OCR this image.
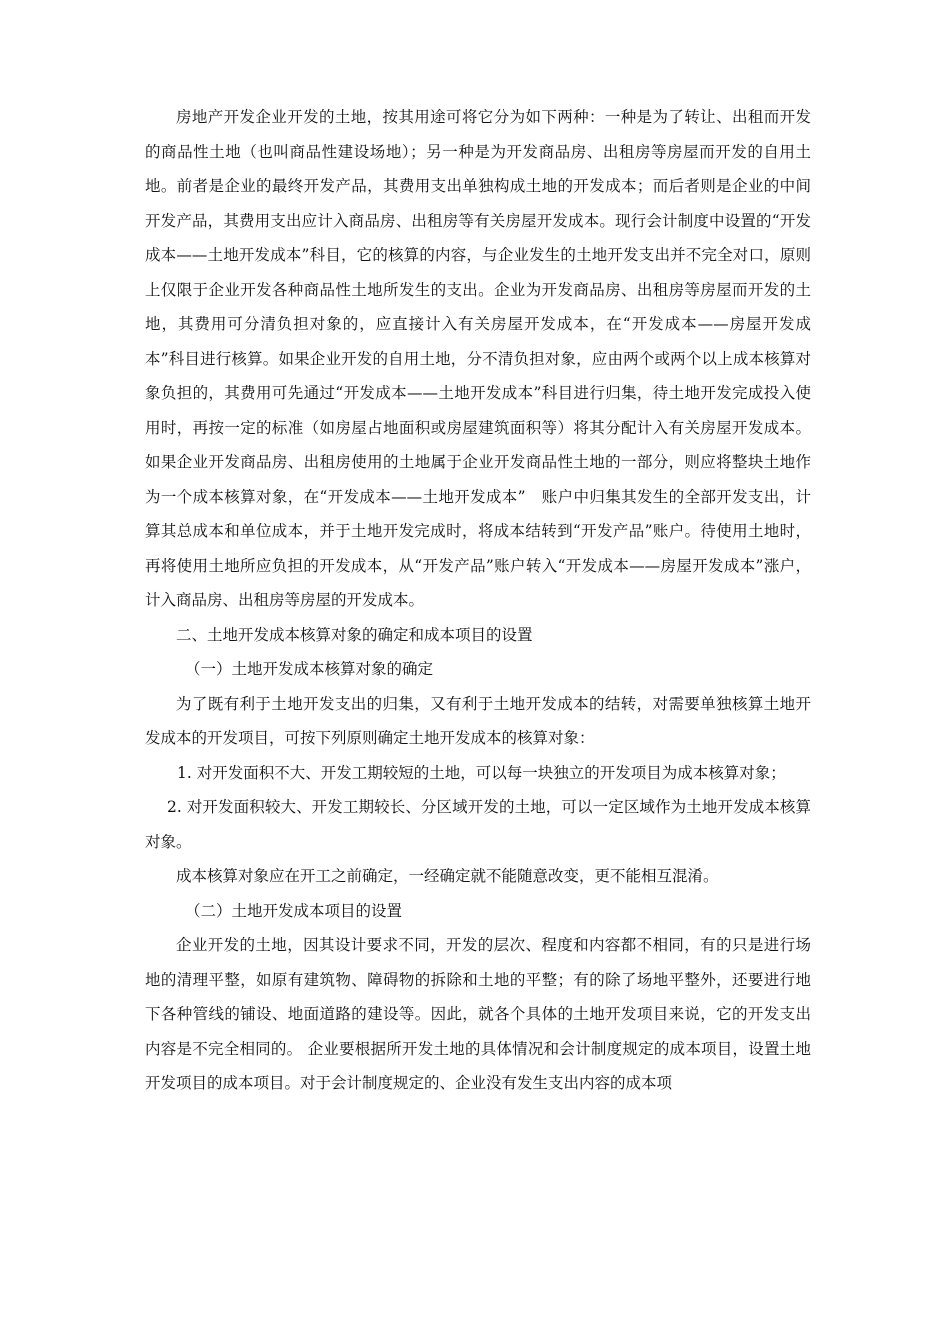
房地产开发企业开发的土地，按其用途可将它分为如下两种：一种是为了转让、出租而开发的商品性土地（也叫商品性建设场地）；另一种是为开发商品房、出租房等房屋而开发的自用土地。前者是企业的最终开发产品，其费用支出单独构成土地的开发成本；而后者则是企业的中间开发产品，其费用支出应计入商品房、出租房等有关房屋开发成本。现行会计制度中设置的“开发成本——土地开发成本”科目，它的核算的内容，与企业发生的土地开发支出并不完全对口，原则上仅限于企业开发各种商品性土地所发生的支出。企业为开发商品房、出租房等房屋而开发的土地，其费用可分清负担对象的，应直接计入有关房屋开发成本，在“开发成本——房屋开发成本”科目进行核算。如果企业开发的自用土地，分不清负担对象，应由两个或两个以上成本核算对象负担的，其费用可先通过“开发成本——土地开发成本”科目进行归集，待土地开发完成投入使用时，再按一定的标准（如房屋占地面积或房屋建筑面积等）将其分配计入有关房屋开发成本。如果企业开发商品房、出租房使用的土地属于企业开发商品性土地的一部分，则应将整块土地作为一个成本核算对象，在“开发成本——土地开发成本”　账户中归集其发生的全部开发支出，计算其总成本和单位成本，并于土地开发完成时，将成本结转到“开发产品”账户。待使用土地时，再将使用土地所应负担的开发成本，从“开发产品”账户转入“开发成本——房屋开发成本”涨户，计入商品房、出租房等房屋的开发成本。

二、土地开发成本核算对象的确定和成本项目的设置

（一）土地开发成本核算对象的确定

为了既有利于土地开发支出的归集，又有利于土地开发成本的结转，对需要单独核算土地开发成本的开发项目，可按下列原则确定土地开发成本的核算对象：

1. 对开发面积不大、开发工期较短的土地，可以每一块独立的开发项目为成本核算对象；

2. 对开发面积较大、开发工期较长、分区域开发的土地，可以一定区域作为土地开发成本核算对象。

成本核算对象应在开工之前确定，一经确定就不能随意改变，更不能相互混淆。

（二）土地开发成本项目的设置

企业开发的土地，因其设计要求不同，开发的层次、程度和内容都不相同，有的只是进行场地的清理平整，如原有建筑物、障碍物的拆除和土地的平整；有的除了场地平整外，还要进行地下各种管线的铺设、地面道路的建设等。因此，就各个具体的土地开发项目来说，它的开发支出内容是不完全相同的。 企业要根据所开发土地的具体情况和会计制度规定的成本项目，设置土地开发项目的成本项目。对于会计制度规定的、企业没有发生支出内容的成本项
